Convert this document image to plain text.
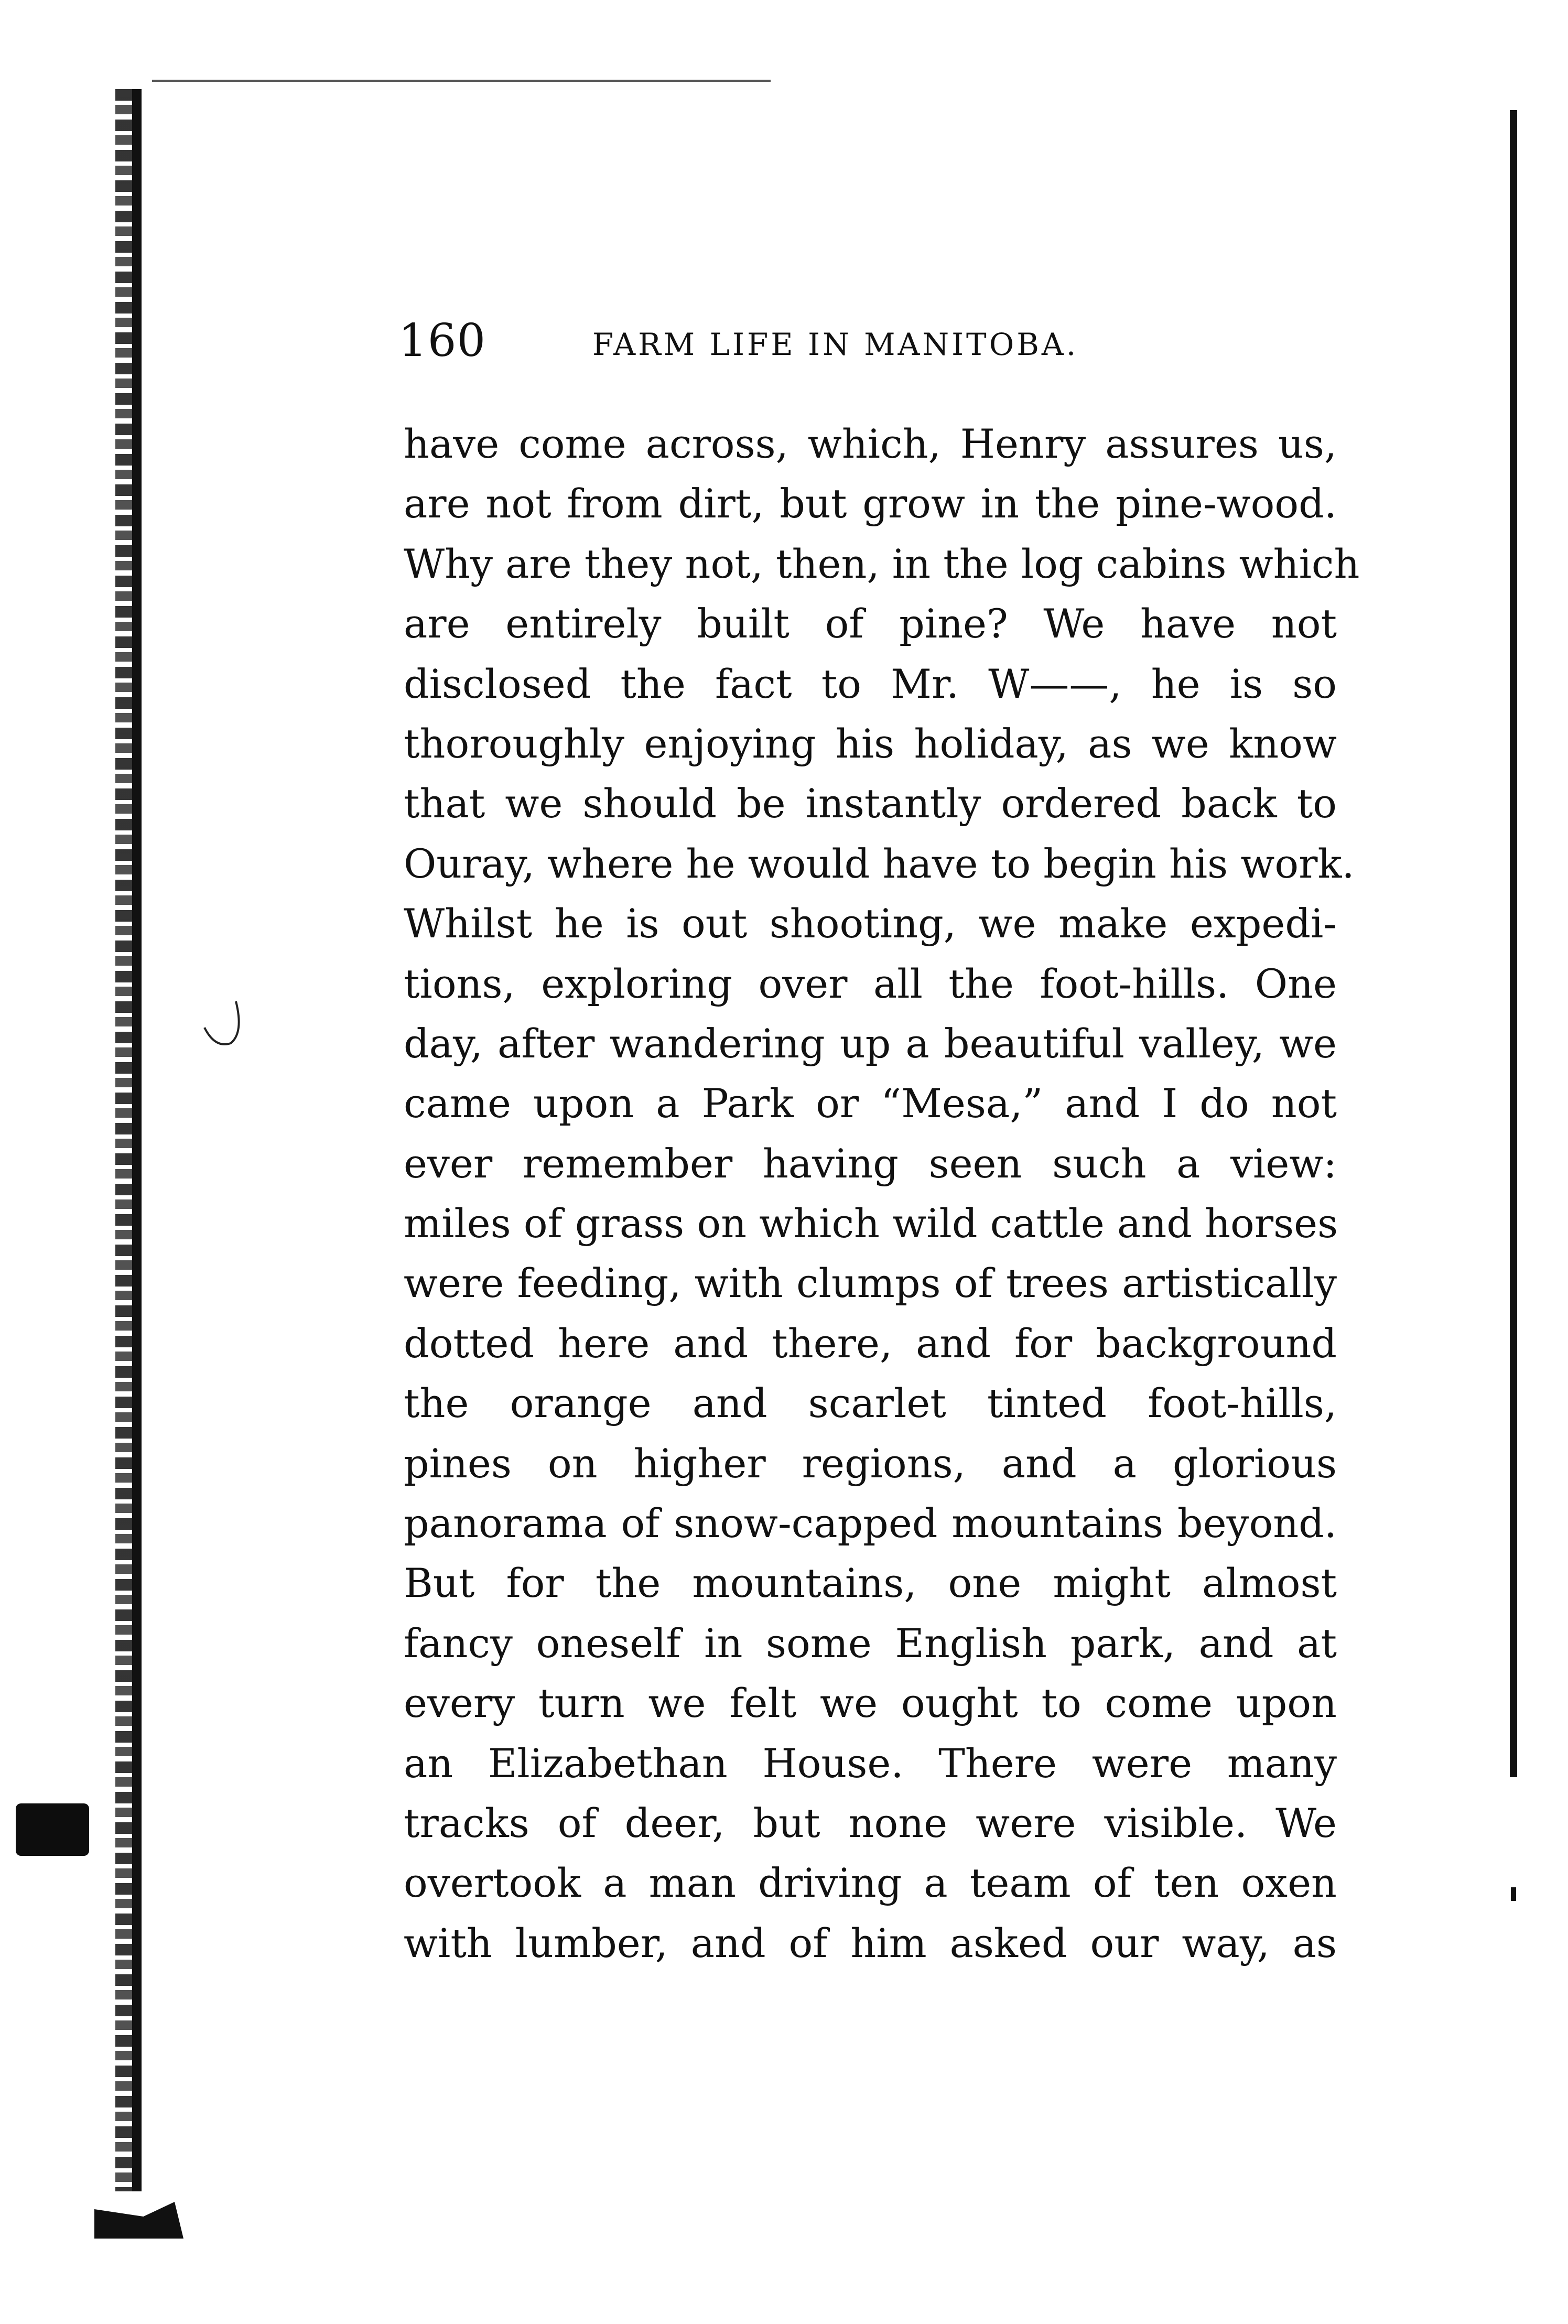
160	FARM LIFE IN MANITOBA.
have come across, which, Henry assures us,
are not from dirt, but grow in the pine-wood.
Why are they not, then, in the log cabins which
are entirely built of pine? We have not
disclosed the fact to Mr. W——, he is so
thoroughly enjoying his holiday, as we know
that we should be instantly ordered back to
Ouray, where he would have to begin his work.
Whilst he is out shooting, we make expedi-
tions, exploring over all the foot-hills. One
day, after wandering up a beautiful valley, we
came upon a Park or “Mesa,” and I do not
ever remember having seen such a view:
miles of grass on which wild cattle and horses
were feeding, with clumps of trees artistically
dotted here and there, and for background
the orange and scarlet tinted foot-hills,
pines on higher regions, and a glorious
panorama of snow-capped mountains beyond.
But for the mountains, one might almost
fancy oneself in some English park, and at
every turn we felt we ought to come upon
an Elizabethan House. There were many
tracks of deer, but none were visible. We
overtook a man driving a team of ten oxen
with lumber, and of him asked our way, as
